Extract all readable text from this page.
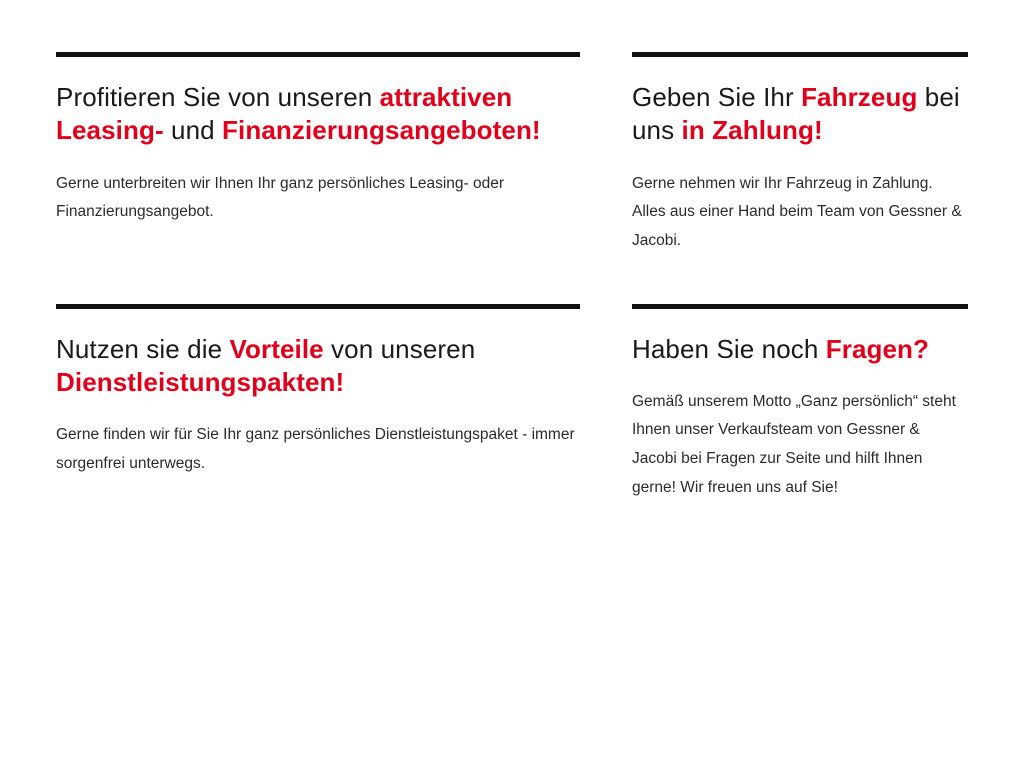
Profitieren Sie von unseren attraktiven Leasing- und Finanzierungsangeboten!

Gerne unterbreiten wir Ihnen Ihr ganz persönliches Leasing- oder Finanzierungsangebot.

Geben Sie Ihr Fahrzeug bei uns in Zahlung!

Gerne nehmen wir Ihr Fahrzeug in Zahlung. Alles aus einer Hand beim Team von Gessner & Jacobi.

Nutzen sie die Vorteile von unseren Dienstleistungspakten!

Gerne finden wir für Sie Ihr ganz persönliches Dienstleistungspaket - immer sorgenfrei unterwegs.

Haben Sie noch Fragen?

Gemäß unserem Motto „Ganz persönlich“ steht Ihnen unser Verkaufsteam von Gessner & Jacobi bei Fragen zur Seite und hilft Ihnen gerne! Wir freuen uns auf Sie!
